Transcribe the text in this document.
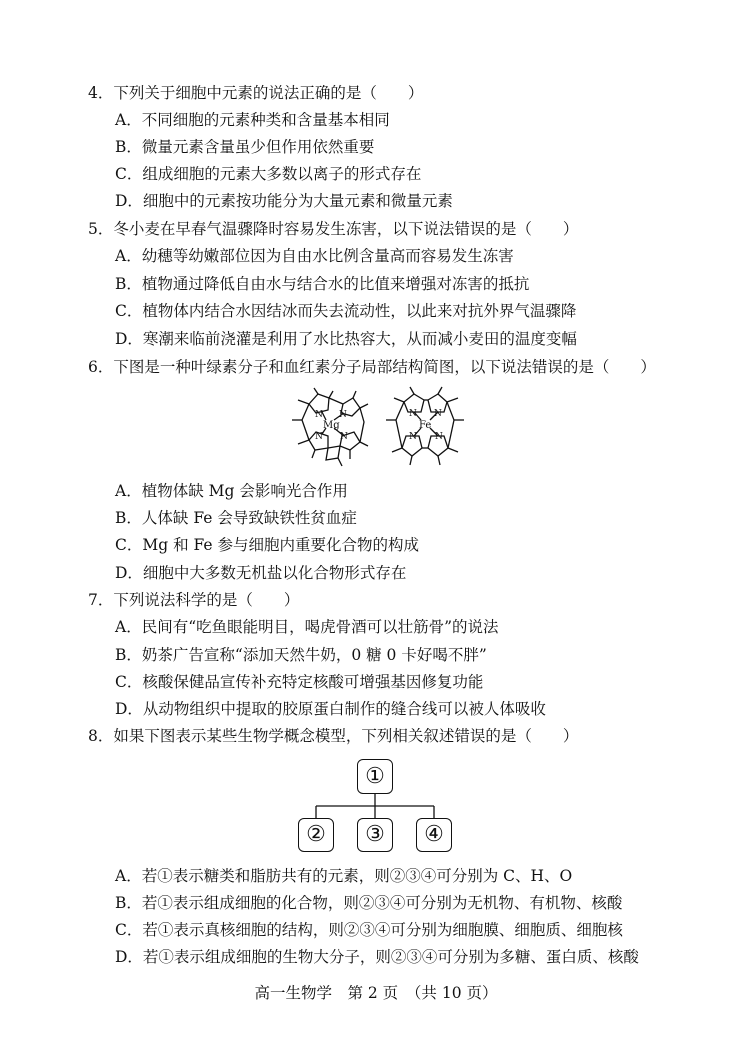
4．下列关于细胞中元素的说法正确的是（　　）
A．不同细胞的元素种类和含量基本相同
B．微量元素含量虽少但作用依然重要
C．组成细胞的元素大多数以离子的形式存在
D．细胞中的元素按功能分为大量元素和微量元素
5．冬小麦在早春气温骤降时容易发生冻害，以下说法错误的是（　　）
A．幼穗等幼嫩部位因为自由水比例含量高而容易发生冻害
B．植物通过降低自由水与结合水的比值来增强对冻害的抵抗
C．植物体内结合水因结冰而失去流动性，以此来对抗外界气温骤降
D．寒潮来临前浇灌是利用了水比热容大，从而减小麦田的温度变幅
6．下图是一种叶绿素分子和血红素分子局部结构简图，以下说法错误的是（　　）
N N
N N
Mg
N N
N N
Fe
A．植物体缺 Mg 会影响光合作用
B．人体缺 Fe 会导致缺铁性贫血症
C．Mg 和 Fe 参与细胞内重要化合物的构成
D．细胞中大多数无机盐以化合物形式存在
7．下列说法科学的是（　　）
A．民间有“吃鱼眼能明目，喝虎骨酒可以壮筋骨”的说法
B．奶茶广告宣称“添加天然牛奶，0 糖 0 卡好喝不胖”
C．核酸保健品宣传补充特定核酸可增强基因修复功能
D．从动物组织中提取的胶原蛋白制作的缝合线可以被人体吸收
8．如果下图表示某些生物学概念模型，下列相关叙述错误的是（　　）
①
②	③	④
A．若①表示糖类和脂肪共有的元素，则②③④可分别为 C、H、O
B．若①表示组成细胞的化合物，则②③④可分别为无机物、有机物、核酸
C．若①表示真核细胞的结构，则②③④可分别为细胞膜、细胞质、细胞核
D．若①表示组成细胞的生物大分子，则②③④可分别为多糖、蛋白质、核酸
高一生物学　第 2 页　（共 10 页）
